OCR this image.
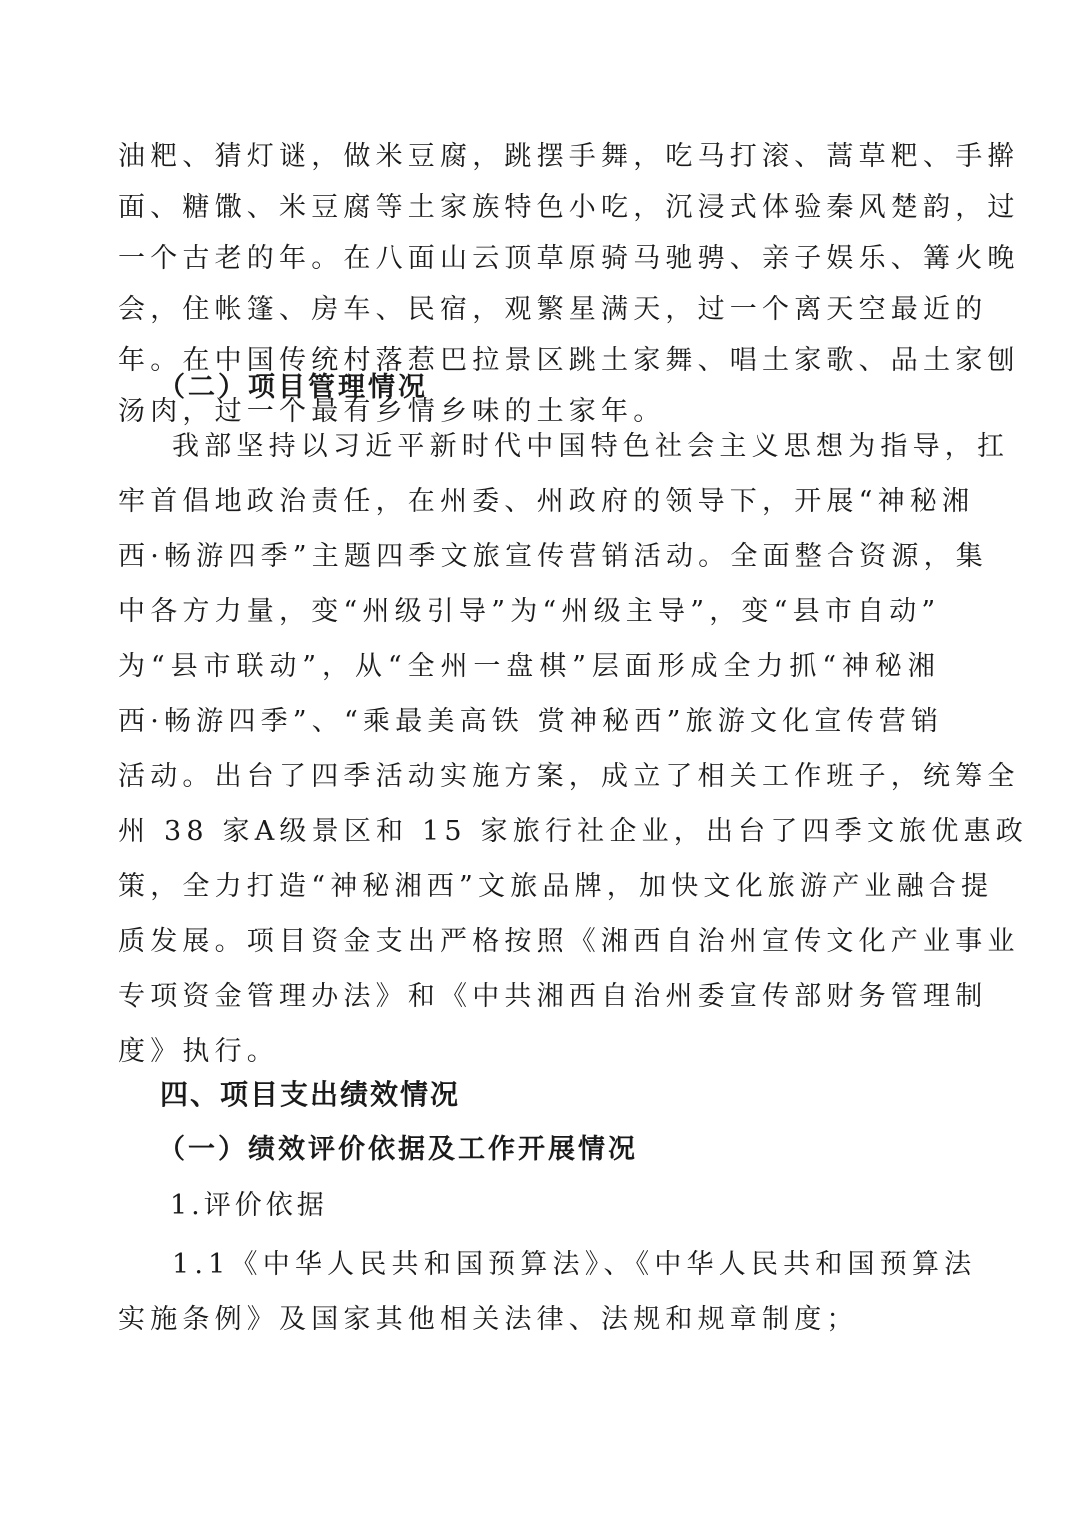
油粑、猜灯谜，做米豆腐，跳摆手舞，吃马打滚、蒿草粑、手擀
面、糖馓、米豆腐等土家族特色小吃，沉浸式体验秦风楚韵，过
一个古老的年。在八面山云顶草原骑马驰骋、亲子娱乐、篝火晚
会，住帐篷、房车、民宿，观繁星满天，过一个离天空最近的
年。在中国传统村落惹巴拉景区跳土家舞、唱土家歌、品土家刨
汤肉，过一个最有乡情乡味的土家年。
（二）项目管理情况
我部坚持以习近平新时代中国特色社会主义思想为指导，扛
牢首倡地政治责任，在州委、州政府的领导下，开展“神秘湘
西·畅游四季”主题四季文旅宣传营销活动。全面整合资源，集
中各方力量，变“州级引导”为“州级主导”，变“县市自动”
为“县市联动”，从“全州一盘棋”层面形成全力抓“神秘湘
西·畅游四季”、“乘最美高铁 赏神秘西”旅游文化宣传营销
活动。出台了四季活动实施方案，成立了相关工作班子，统筹全
州 38 家A级景区和 15 家旅行社企业，出台了四季文旅优惠政
策，全力打造“神秘湘西”文旅品牌，加快文化旅游产业融合提
质发展。项目资金支出严格按照《湘西自治州宣传文化产业事业
专项资金管理办法》和《中共湘西自治州委宣传部财务管理制
度》执行。
四、项目支出绩效情况
（一）绩效评价依据及工作开展情况
1.评价依据
1.1《中华人民共和国预算法》、《中华人民共和国预算法
实施条例》及国家其他相关法律、法规和规章制度；
